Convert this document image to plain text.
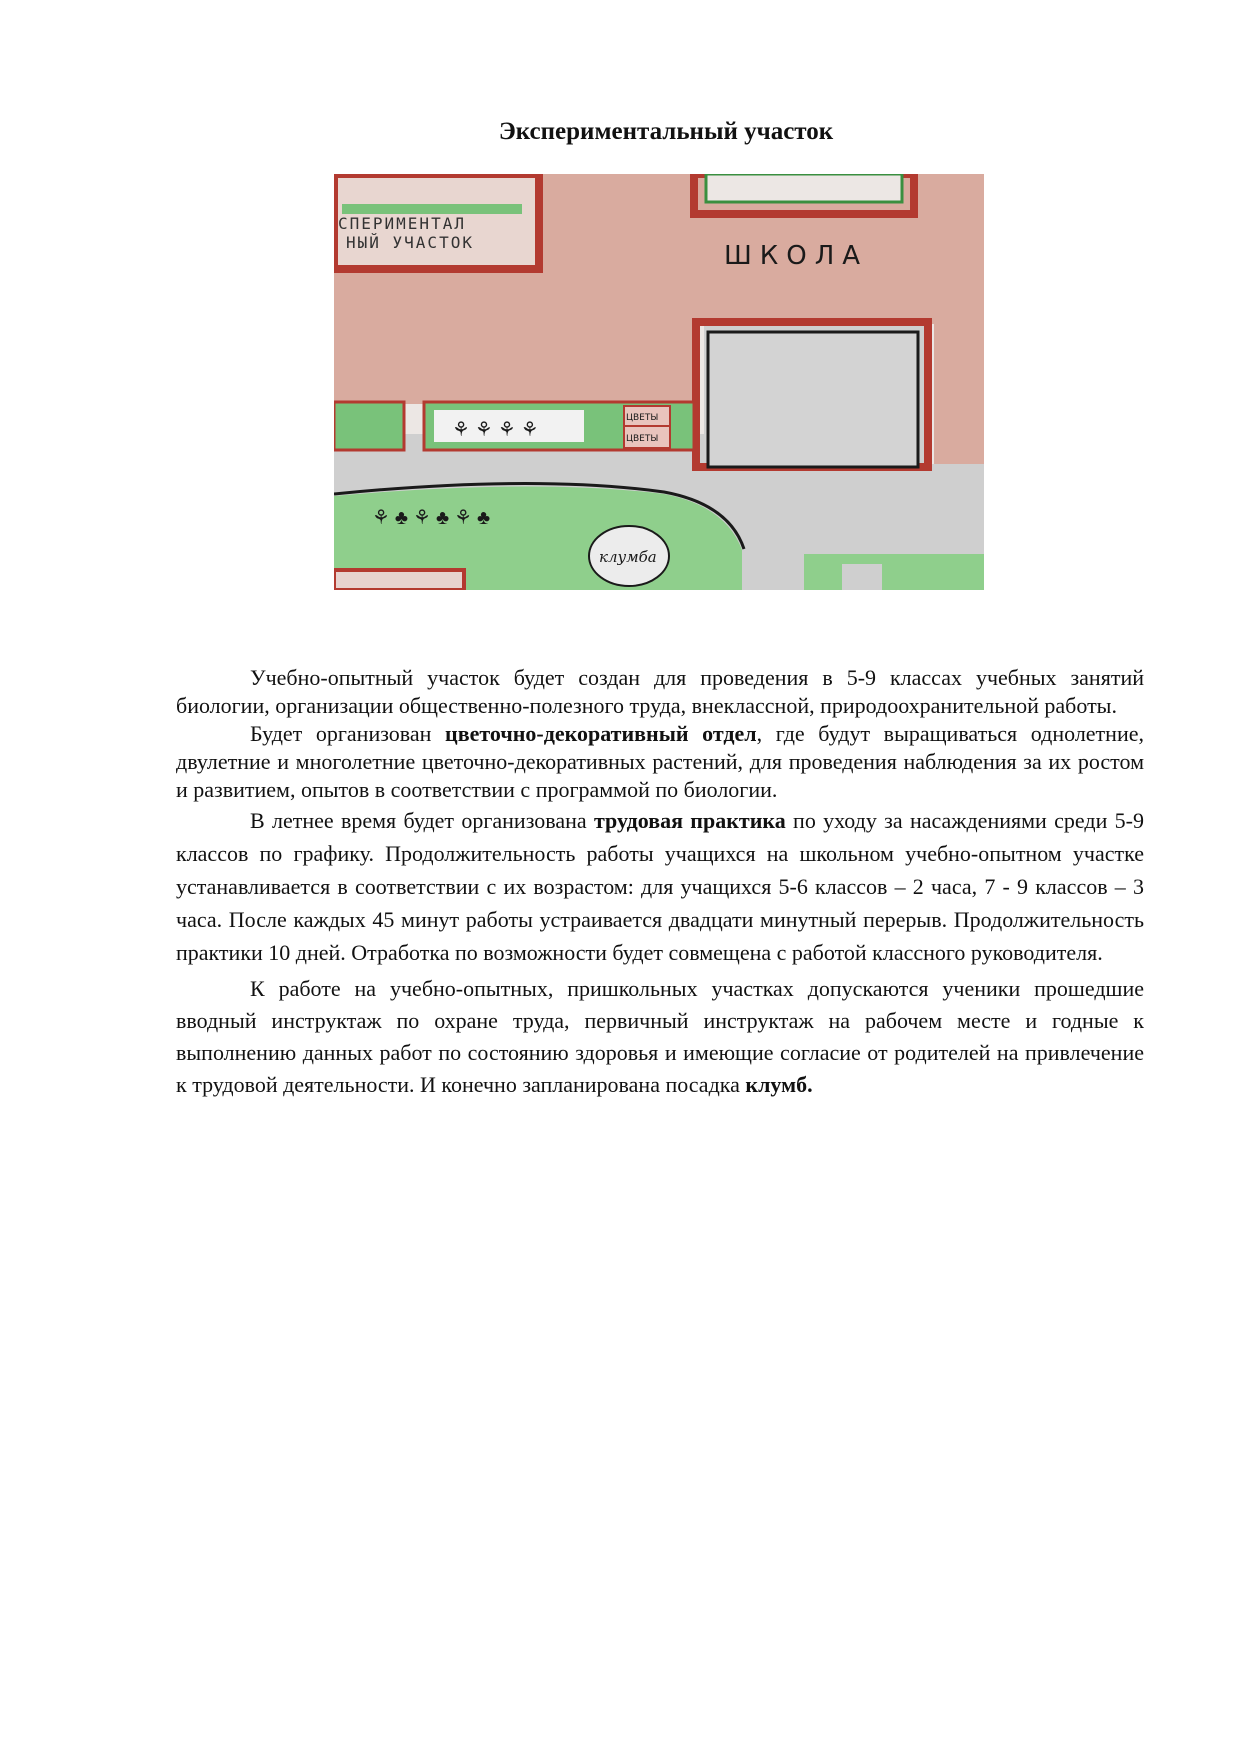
Экспериментальный участок
СПЕРИМЕНТАЛ
НЫЙ УЧАСТОК	ШКОЛА
⚘ ⚘ ⚘ ⚘
ЦВЕТЫ
ЦВЕТЫ
⚘ ♣ ⚘ ♣ ⚘ ♣
клумба

Учебно-опытный участок будет создан для проведения в 5-9 классах учебных занятий биологии, организации общественно-полезного труда, внеклассной, природоохранительной работы.

Будет организован цветочно-декоративный отдел, где будут выращиваться однолетние, двулетние и многолетние цветочно-декоративных растений, для проведения наблюдения за их ростом и развитием, опытов в соответствии с программой по биологии.

В летнее время будет организована трудовая практика по уходу за насаждениями среди 5-9 классов по графику. Продолжительность работы учащихся на школьном учебно-опытном участке устанавливается в соответствии с их возрастом: для учащихся 5-6 классов – 2 часа, 7 - 9 классов – 3 часа. После каждых 45 минут работы устраивается двадцати минутный перерыв. Продолжительность практики 10 дней. Отработка по возможности будет совмещена с работой классного руководителя.

К работе на учебно-опытных, пришкольных участках допускаются ученики прошедшие вводный инструктаж по охране труда, первичный инструктаж на рабочем месте и годные к выполнению данных работ по состоянию здоровья и имеющие согласие от родителей на привлечение к трудовой деятельности. И конечно запланирована посадка клумб.
